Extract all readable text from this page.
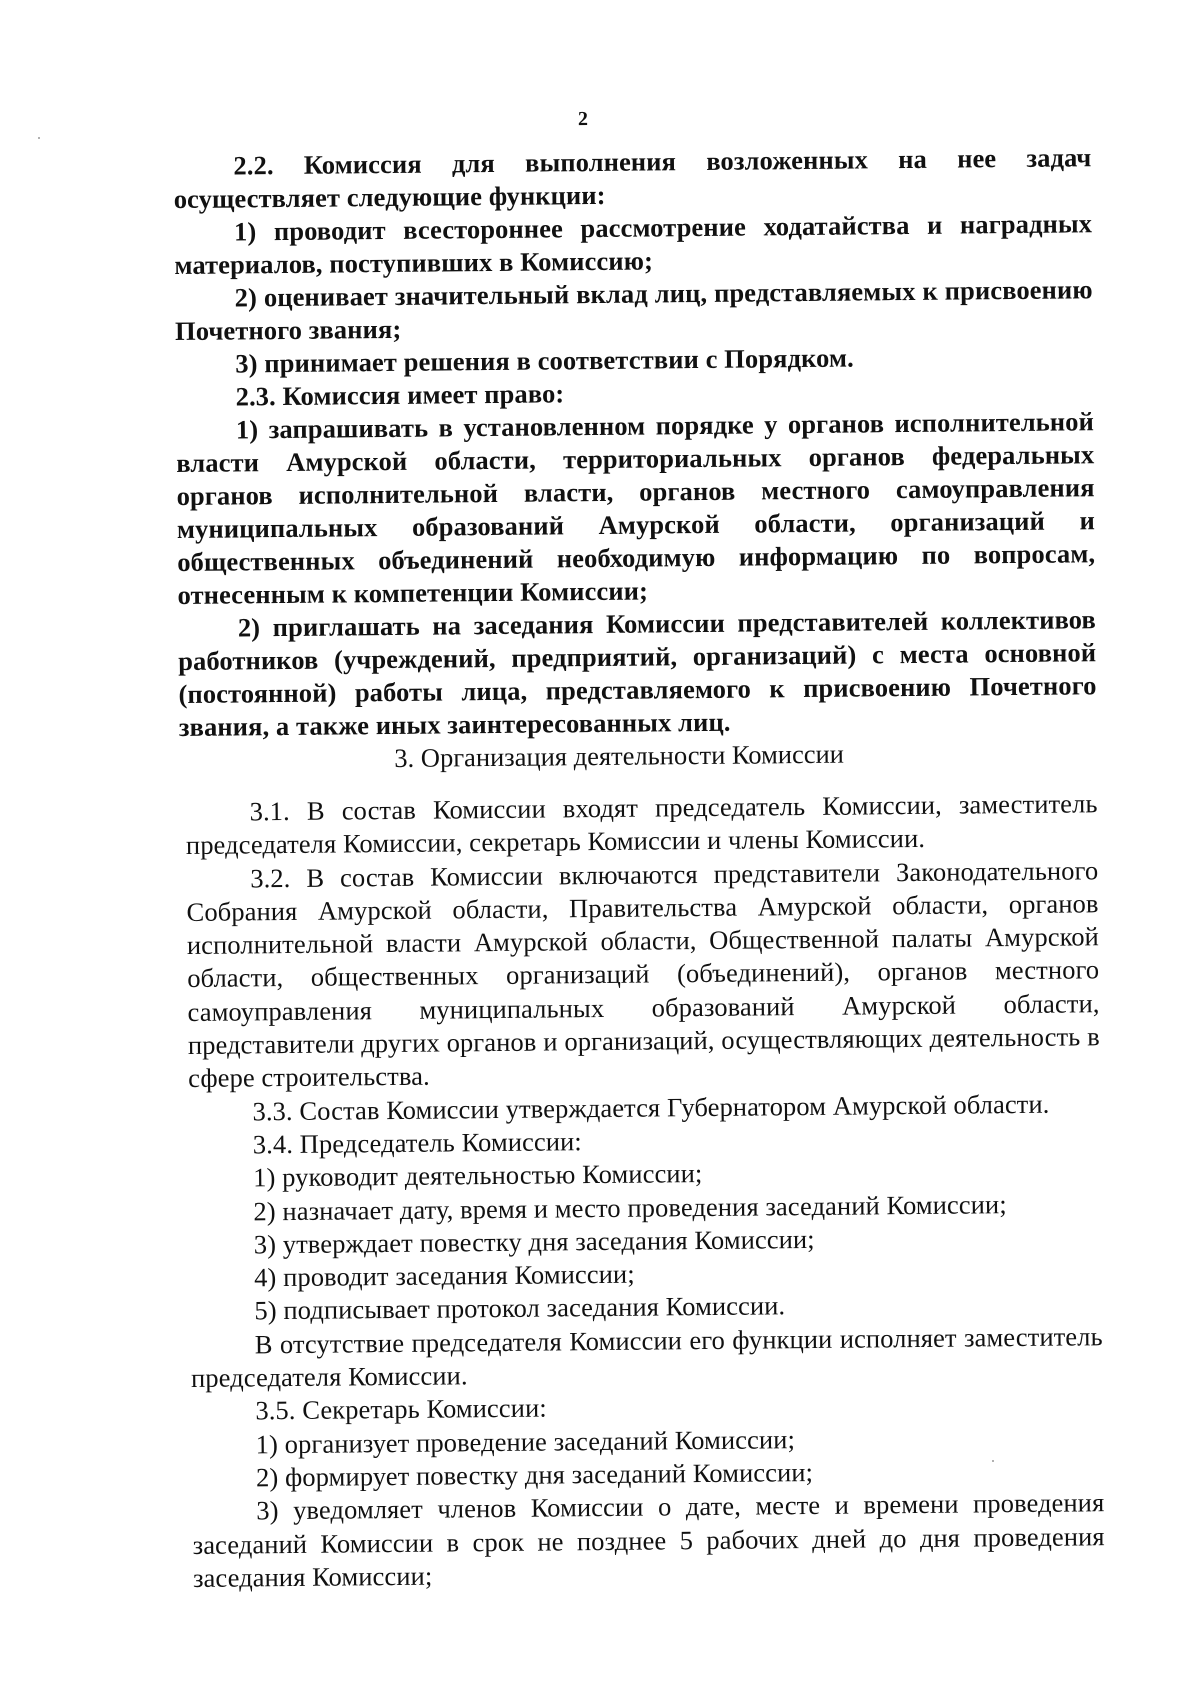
2

2.2. Комиссия для выполнения возложенных на нее задач осуществляет следующие функции:

1) проводит всестороннее рассмотрение ходатайства и наградных материалов, поступивших в Комиссию;

2) оценивает значительный вклад лиц, представляемых к присвоению Почетного звания;

3) принимает решения в соответствии с Порядком.

2.3. Комиссия имеет право:

1) запрашивать в установленном порядке у органов исполнительной власти Амурской области, территориальных органов федеральных органов исполнительной власти, органов местного самоуправления муниципальных образований Амурской области, организаций и общественных объединений необходимую информацию по вопросам, отнесенным к компетенции Комиссии;

2) приглашать на заседания Комиссии представителей коллективов работников (учреждений, предприятий, организаций) с места основной (постоянной) работы лица, представляемого к присвоению Почетного звания, а также иных заинтересованных лиц.

3. Организация деятельности Комиссии

3.1. В состав Комиссии входят председатель Комиссии, заместитель председателя Комиссии, секретарь Комиссии и члены Комиссии.

3.2. В состав Комиссии включаются представители Законодательного Собрания Амурской области, Правительства Амурской области, органов исполнительной власти Амурской области, Общественной палаты Амурской области, общественных организаций (объединений), органов местного самоуправления муниципальных образований Амурской области, представители других органов и организаций, осуществляющих деятельность в сфере строительства.

3.3. Состав Комиссии утверждается Губернатором Амурской области.

3.4. Председатель Комиссии:

1) руководит деятельностью Комиссии;

2) назначает дату, время и место проведения заседаний Комиссии;

3) утверждает повестку дня заседания Комиссии;

4) проводит заседания Комиссии;

5) подписывает протокол заседания Комиссии.

В отсутствие председателя Комиссии его функции исполняет заместитель председателя Комиссии.

3.5. Секретарь Комиссии:

1) организует проведение заседаний Комиссии;

2) формирует повестку дня заседаний Комиссии;

3) уведомляет членов Комиссии о дате, месте и времени проведения заседаний Комиссии в срок не позднее 5 рабочих дней до дня проведения заседания Комиссии;
